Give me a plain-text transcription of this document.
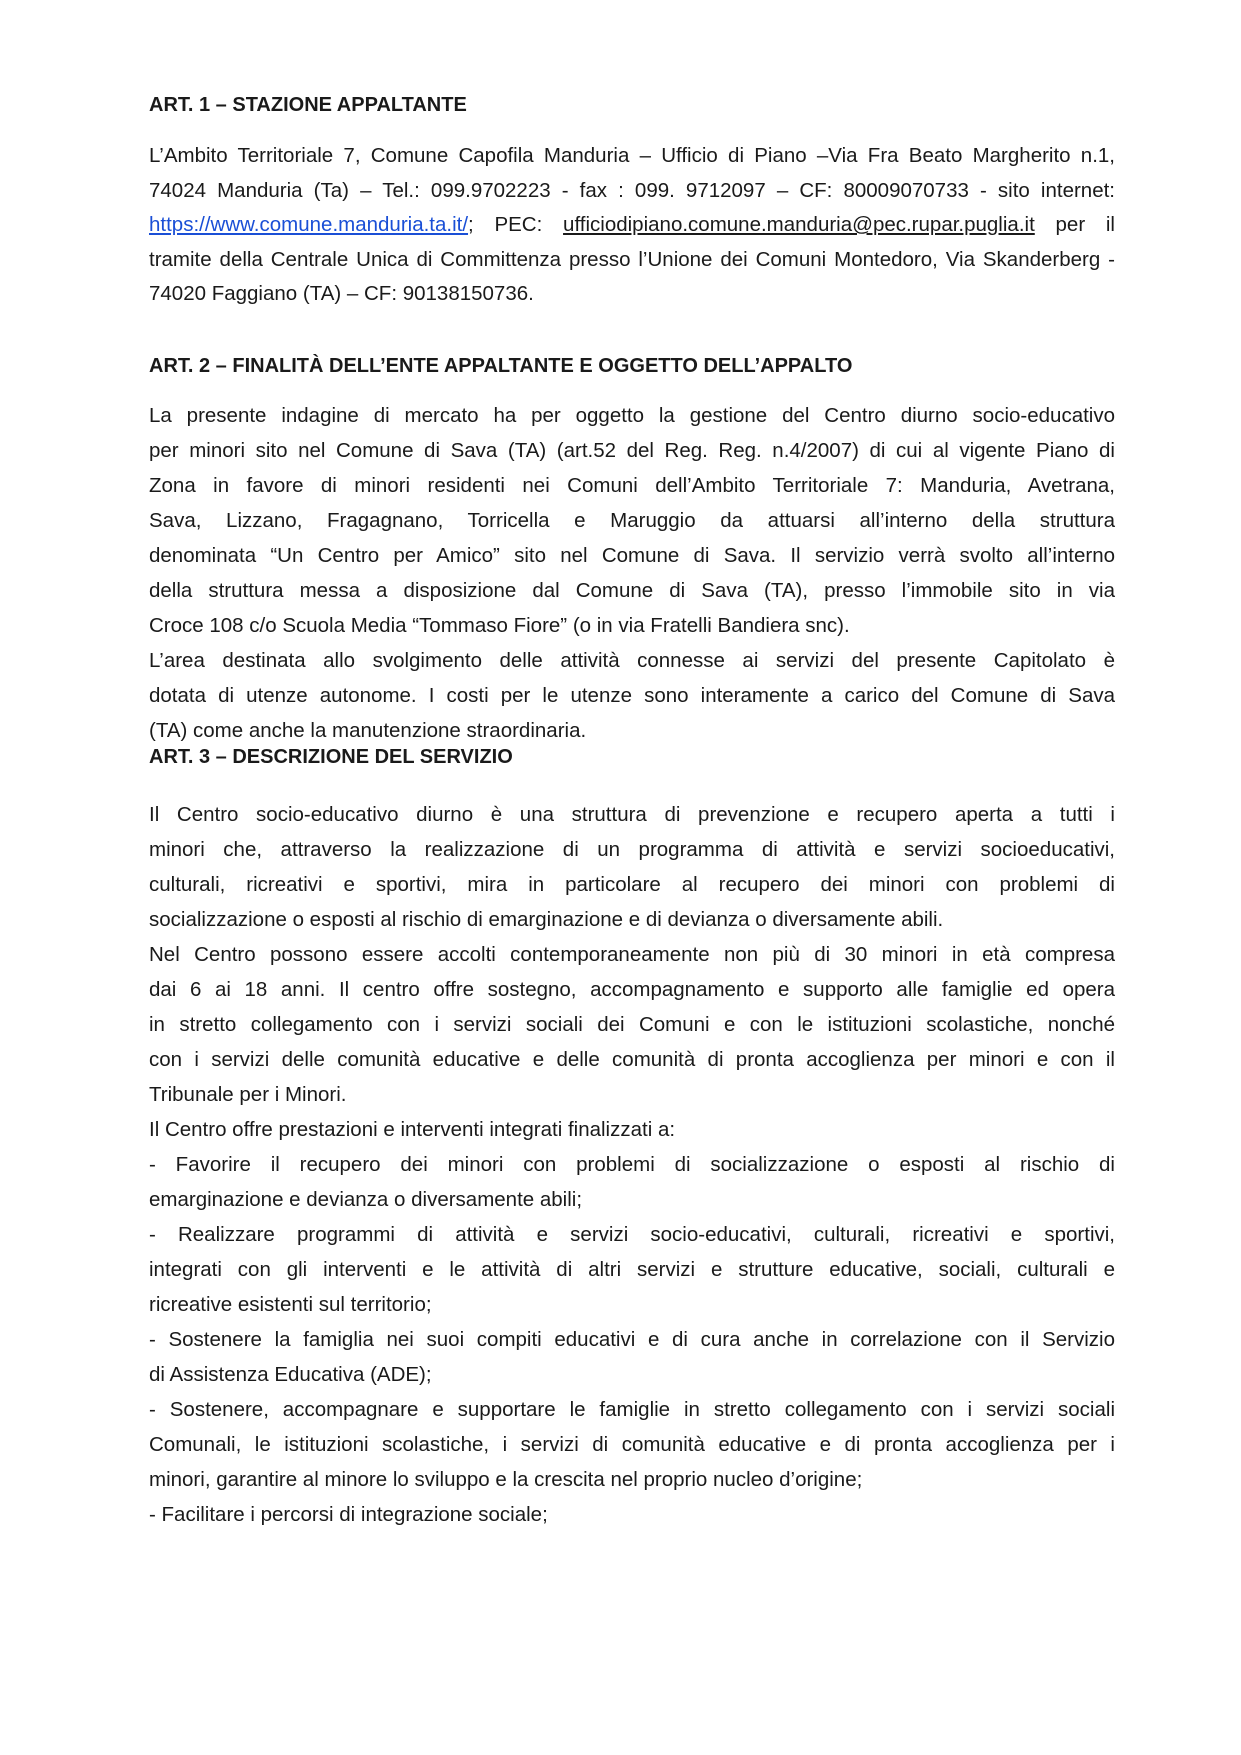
ART. 1 – STAZIONE APPALTANTE
L’Ambito Territoriale 7, Comune Capofila Manduria – Ufficio di Piano –Via Fra Beato Margherito n.1,
74024 Manduria (Ta) – Tel.: 099.9702223 - fax : 099. 9712097 – CF: 80009070733 - sito internet:
https://www.comune.manduria.ta.it/; PEC: ufficiodipiano.comune.manduria@pec.rupar.puglia.it per il
tramite della Centrale Unica di Committenza presso l’Unione dei Comuni Montedoro, Via Skanderberg -
74020 Faggiano (TA) – CF: 90138150736.
ART. 2 – FINALITÀ DELL’ENTE APPALTANTE E OGGETTO DELL’APPALTO
La presente indagine di mercato ha per oggetto la gestione del Centro diurno socio-educativo
per minori sito nel Comune di Sava (TA) (art.52 del Reg. Reg. n.4/2007) di cui al vigente Piano di
Zona in favore di minori residenti nei Comuni dell’Ambito Territoriale 7: Manduria, Avetrana,
Sava, Lizzano, Fragagnano, Torricella e Maruggio da attuarsi all’interno della struttura
denominata “Un Centro per Amico” sito nel Comune di Sava. Il servizio verrà svolto all’interno
della struttura messa a disposizione dal Comune di Sava (TA), presso l’immobile sito in via
Croce 108 c/o Scuola Media “Tommaso Fiore” (o in via Fratelli Bandiera snc).
L’area destinata allo svolgimento delle attività connesse ai servizi del presente Capitolato è
dotata di utenze autonome. I costi per le utenze sono interamente a carico del Comune di Sava
(TA) come anche la manutenzione straordinaria.
ART. 3 – DESCRIZIONE DEL SERVIZIO
Il Centro socio-educativo diurno è una struttura di prevenzione e recupero aperta a tutti i
minori che, attraverso la realizzazione di un programma di attività e servizi socioeducativi,
culturali, ricreativi e sportivi, mira in particolare al recupero dei minori con problemi di
socializzazione o esposti al rischio di emarginazione e di devianza o diversamente abili.
Nel Centro possono essere accolti contemporaneamente non più di 30 minori in età compresa
dai 6 ai 18 anni. Il centro offre sostegno, accompagnamento e supporto alle famiglie ed opera
in stretto collegamento con i servizi sociali dei Comuni e con le istituzioni scolastiche, nonché
con i servizi delle comunità educative e delle comunità di pronta accoglienza per minori e con il
Tribunale per i Minori.
Il Centro offre prestazioni e interventi integrati finalizzati a:
- Favorire il recupero dei minori con problemi di socializzazione o esposti al rischio di
emarginazione e devianza o diversamente abili;
- Realizzare programmi di attività e servizi socio-educativi, culturali, ricreativi e sportivi,
integrati con gli interventi e le attività di altri servizi e strutture educative, sociali, culturali e
ricreative esistenti sul territorio;
- Sostenere la famiglia nei suoi compiti educativi e di cura anche in correlazione con il Servizio
di Assistenza Educativa (ADE);
- Sostenere, accompagnare e supportare le famiglie in stretto collegamento con i servizi sociali
Comunali, le istituzioni scolastiche, i servizi di comunità educative e di pronta accoglienza per i
minori, garantire al minore lo sviluppo e la crescita nel proprio nucleo d’origine;
- Facilitare i percorsi di integrazione sociale;
